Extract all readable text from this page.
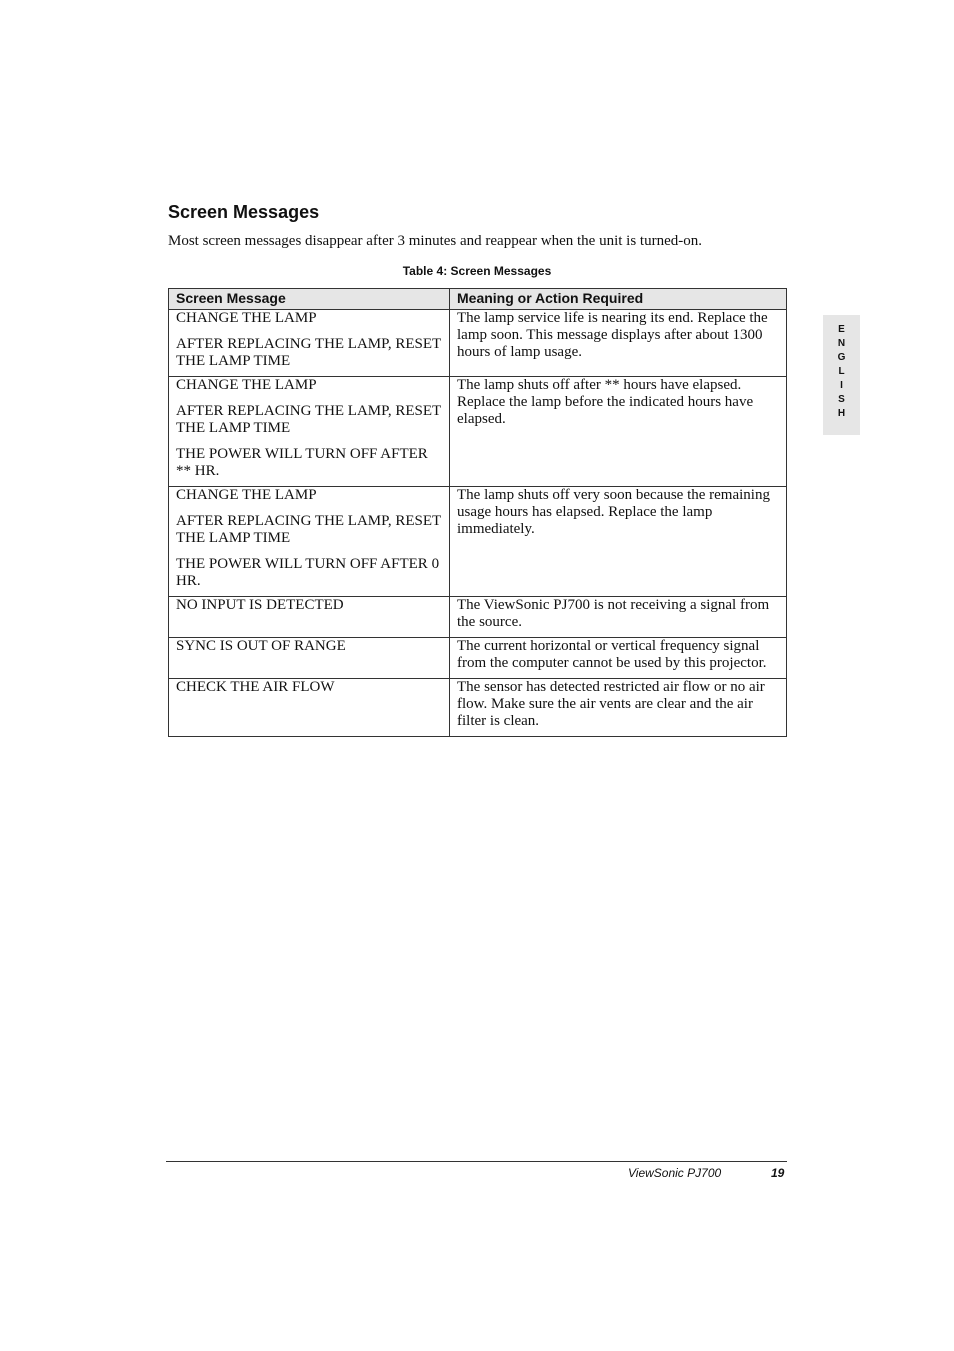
Screen Messages

Most screen messages disappear after 3 minutes and reappear when the unit is turned-on.

Table 4: Screen Messages
Screen Message	Meaning or Action Required

CHANGE THE LAMP

AFTER REPLACING THE LAMP, RESET THE LAMP TIME	The lamp service life is nearing its end. Replace the lamp soon. This message displays after about 1300 hours of lamp usage.

CHANGE THE LAMP

AFTER REPLACING THE LAMP, RESET THE LAMP TIME

THE POWER WILL TURN OFF AFTER ** HR.	The lamp shuts off after ** hours have elapsed. Replace the lamp before the indicated hours have elapsed.

CHANGE THE LAMP

AFTER REPLACING THE LAMP, RESET THE LAMP TIME

THE POWER WILL TURN OFF AFTER 0 HR.	The lamp shuts off very soon because the remaining usage hours has elapsed. Replace the lamp immediately.

NO INPUT IS DETECTED	The ViewSonic PJ700 is not receiving a signal from the source.

SYNC IS OUT OF RANGE	The current horizontal or vertical frequency signal from the computer cannot be used by this projector.

CHECK THE AIR FLOW	The sensor has detected restricted air flow or no air flow. Make sure the air vents are clear and the air filter is clean.
E
N
G
L
I
S
H
ViewSonic PJ700	19
